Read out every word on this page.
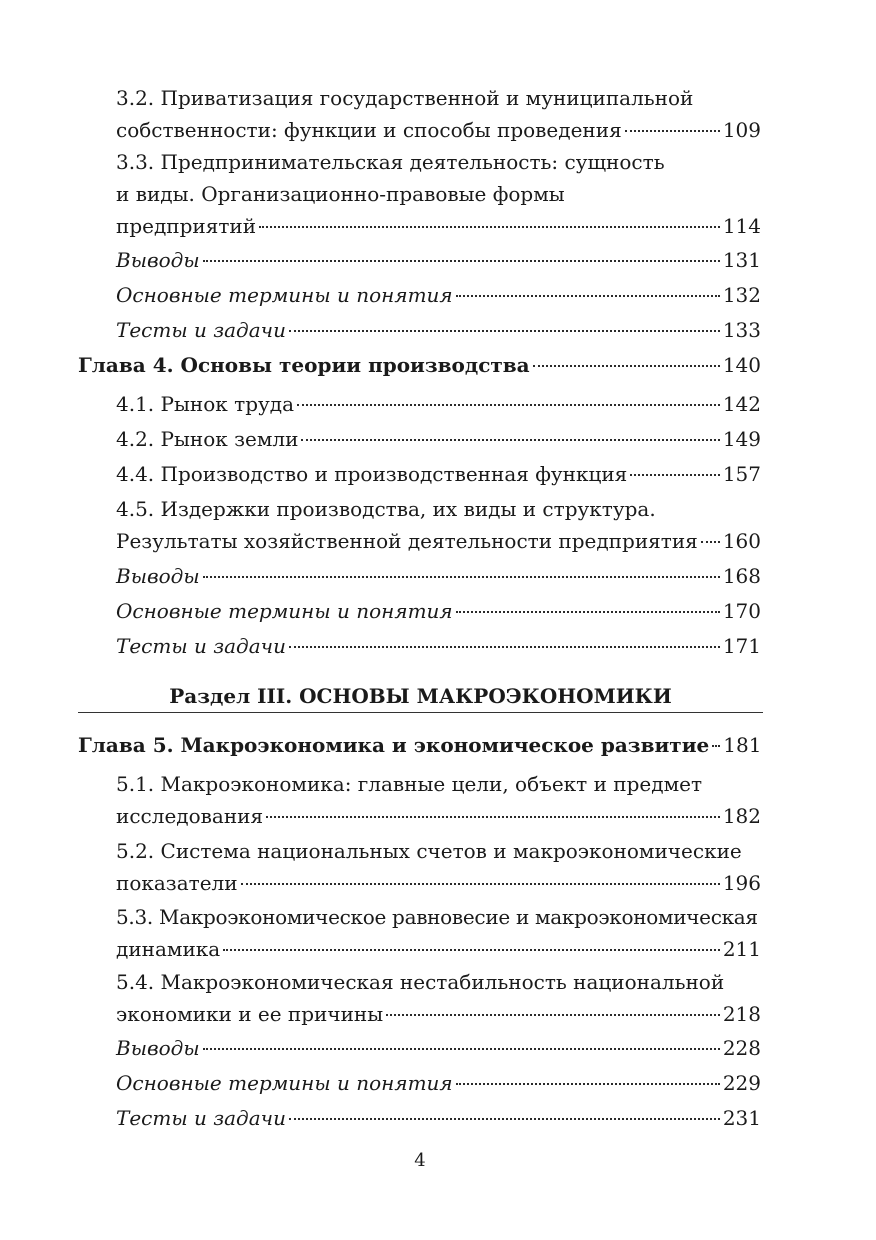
3.2. Приватизация государственной и муниципальной
собственности: функции и способы проведения	109
3.3. Предпринимательская деятельность: сущность
и виды. Организационно-правовые формы
предприятий	114
Выводы	131
Основные термины и понятия	132
Тесты и задачи	133
Глава 4. Основы теории производства	140
4.1. Рынок труда	142
4.2. Рынок земли	149
4.4. Производство и производственная функция	157
4.5. Издержки производства, их виды и структура.
Результаты хозяйственной деятельности предприятия 160
Выводы	168
Основные термины и понятия	170
Тесты и задачи	171
Раздел III. ОСНОВЫ МАКРОЭКОНОМИКИ
Глава 5. Макроэкономика и экономическое развитие 181
5.1. Макроэкономика: главные цели, объект и предмет
исследования	182
5.2. Система национальных счетов и макроэкономические
показатели	196
5.3. Макроэкономическое равновесие и макроэкономическая
динамика	211
5.4. Макроэкономическая нестабильность национальной
экономики и ее причины	218
Выводы	228
Основные термины и понятия	229
Тесты и задачи	231
4
